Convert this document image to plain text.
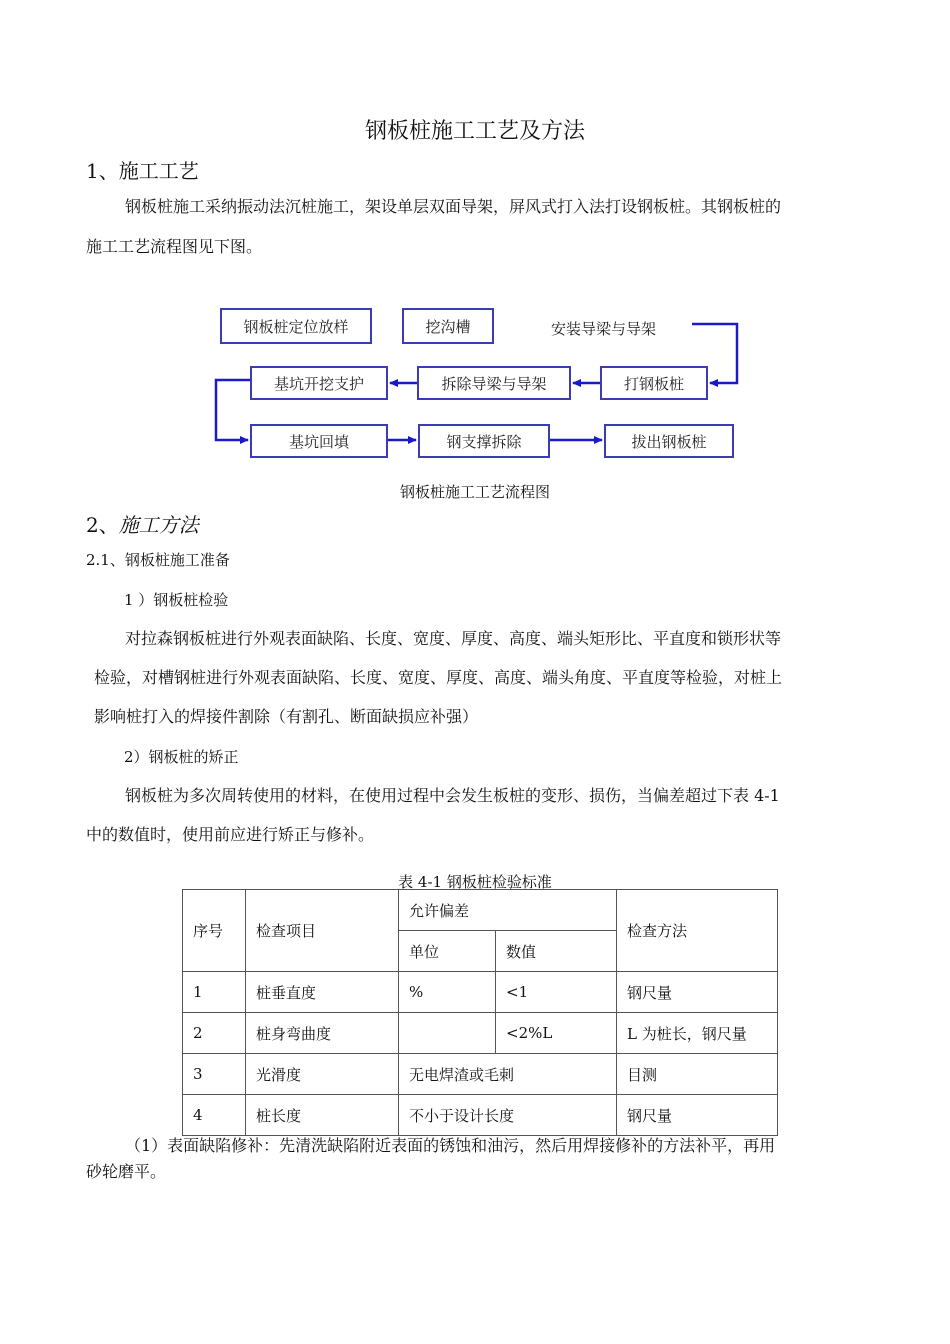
钢板桩施工工艺及方法
1、施工工艺
钢板桩施工采纳振动法沉桩施工，架设单层双面导架，屏风式打入法打设钢板桩。其钢板桩的
施工工艺流程图见下图。
钢板桩定位放样	挖沟槽	安装导梁与导架
打钢板桩
拆除导梁与导架
基坑开挖支护
基坑回填	钢支撑拆除	拔出钢板桩
钢板桩施工工艺流程图
2、施工方法
2.1、钢板桩施工准备
1 ）钢板桩检验
对拉森钢板桩进行外观表面缺陷、长度、宽度、厚度、高度、端头矩形比、平直度和锁形状等
检验，对槽钢桩进行外观表面缺陷、长度、宽度、厚度、高度、端头角度、平直度等检验，对桩上
影响桩打入的焊接件割除（有割孔、断面缺损应补强）
2）钢板桩的矫正
钢板桩为多次周转使用的材料，在使用过程中会发生板桩的变形、损伤，当偏差超过下表 4-1
中的数值时，使用前应进行矫正与修补。
表 4-1 钢板桩检验标准
序号	检查项目	允许偏差		检查方法
		单位	数值	
1	桩垂直度	%	<1	钢尺量
2	桩身弯曲度		<2%L	L 为桩长，钢尺量
3	光滑度	无电焊渣或毛刺		目测
4	桩长度	不小于设计长度		钢尺量
（1）表面缺陷修补：先清洗缺陷附近表面的锈蚀和油污，然后用焊接修补的方法补平，再用
砂轮磨平。
